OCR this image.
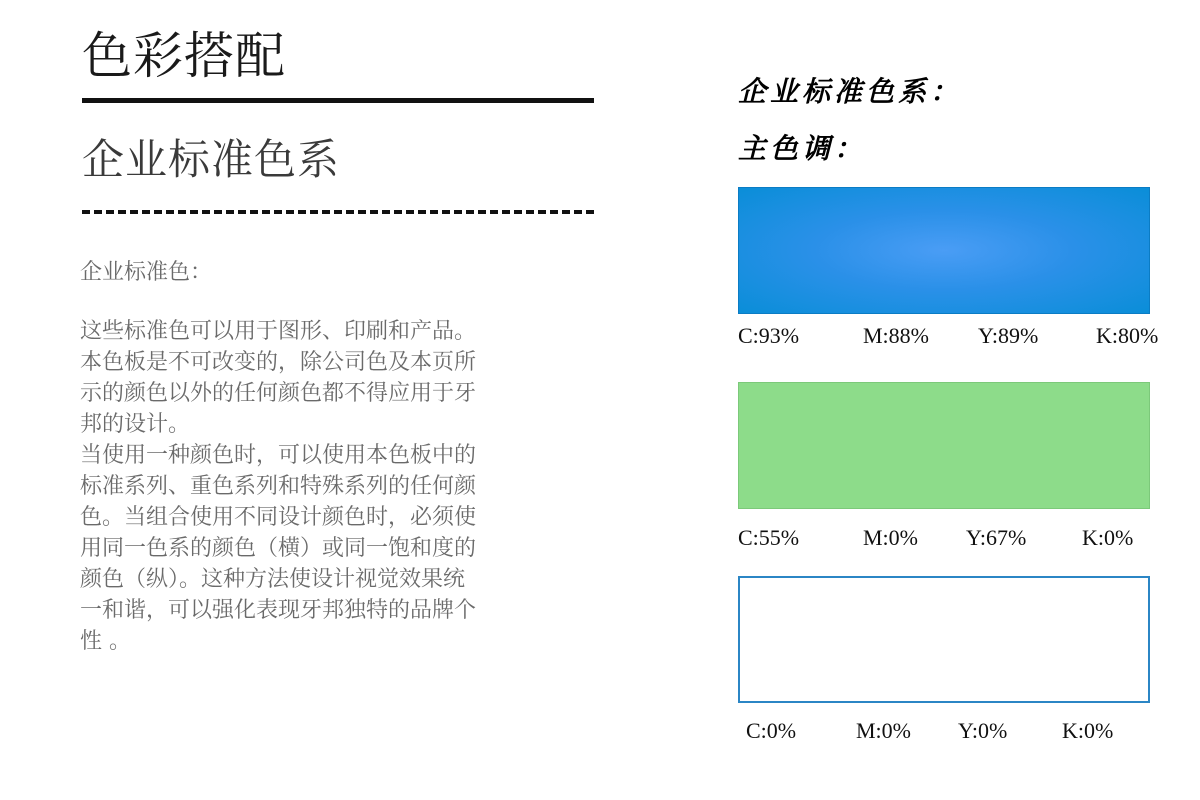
色彩搭配
企业标准色系
企业标准色：
这些标准色可以用于图形、印刷和产品。
本色板是不可改变的，除公司色及本页所
示的颜色以外的任何颜色都不得应用于牙
邦的设计。
当使用一种颜色时，可以使用本色板中的
标准系列、重色系列和特殊系列的任何颜
色。当组合使用不同设计颜色时，必须使
用同一色系的颜色（横）或同一饱和度的
颜色（纵）。这种方法使设计视觉效果统
一和谐，可以强化表现牙邦独特的品牌个
性 。
企业标准色系：
主色调：
C:93%	M:88% Y:89%	K:80%
C:55%	M:0% Y:67%	K:0%
C:0%	M:0% Y:0% K:0%
